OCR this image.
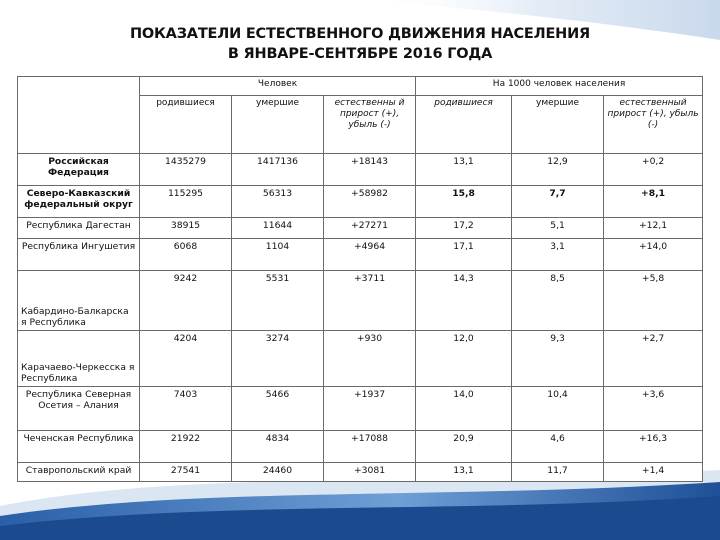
ПОКАЗАТЕЛИ ЕСТЕСТВЕННОГО ДВИЖЕНИЯ НАСЕЛЕНИЯ
В ЯНВАРЕ-СЕНТЯБРЕ 2016 ГОДА
	Человек			На 1000 человек населения		
	родившиеся	умершие	естественны й прирост (+), убыль (-)	родившиеся	умершие	естественный прирост (+), убыль (-)
Российская Федерация	1435279	1417136	+18143	13,1	12,9	+0,2
Северо-Кавказский федеральный округ	115295	56313	+58982	15,8	7,7	+8,1
Республика Дагестан	38915	11644	+27271	17,2	5,1	+12,1
Республика Ингушетия	6068	1104	+4964	17,1	3,1	+14,0
Кабардино-Балкарска я Республика	9242	5531	+3711	14,3	8,5	+5,8
Карачаево-Черкесска я Республика	4204	3274	+930	12,0	9,3	+2,7
Республика Северная Осетия – Алания	7403	5466	+1937	14,0	10,4	+3,6
Чеченская Республика	21922	4834	+17088	20,9	4,6	+16,3
Ставропольский край	27541	24460	+3081	13,1	11,7	+1,4
